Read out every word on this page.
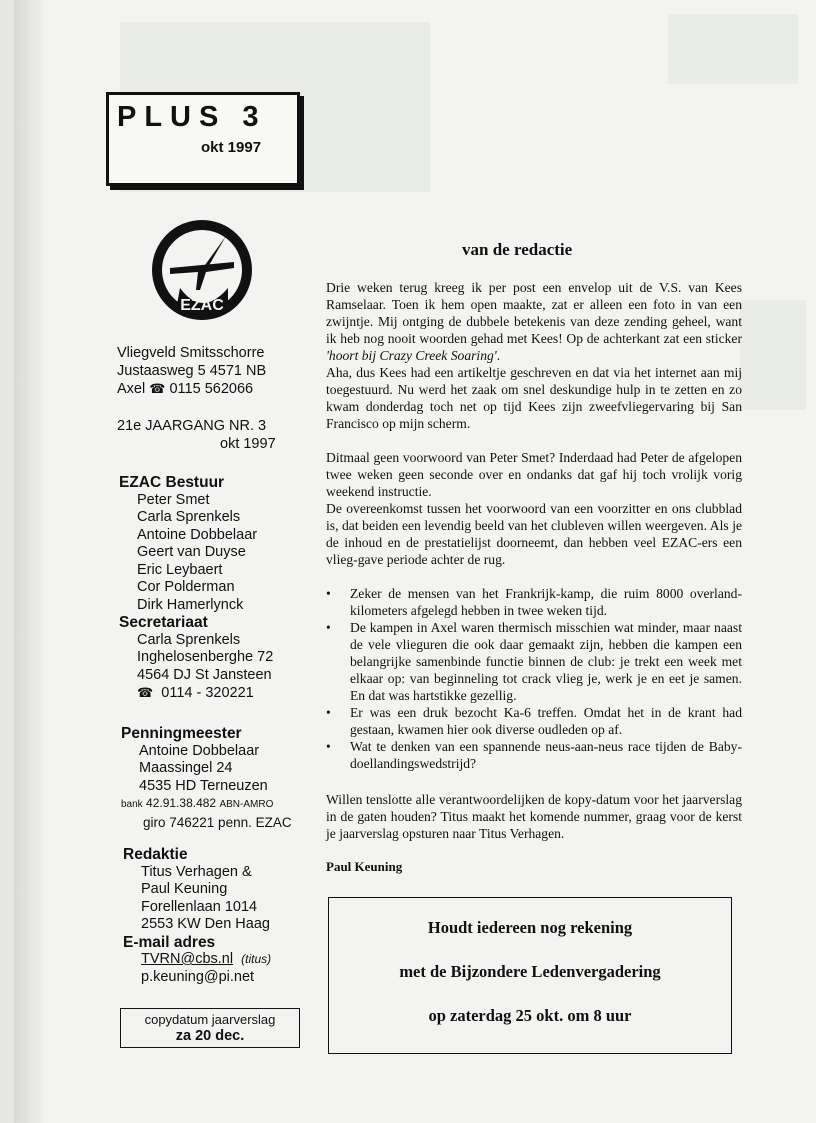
PLUS 3
okt 1997
EZAC
Vliegveld Smitsschorre
Justaasweg 5 4571 NB
Axel ☎ 0115 562066
21e JAARGANG NR. 3
okt 1997
EZAC Bestuur
Peter Smet
Carla Sprenkels
Antoine Dobbelaar
Geert van Duyse
Eric Leybaert
Cor Polderman
Dirk Hamerlynck
Secretariaat
Carla Sprenkels
Inghelosenberghe 72
4564 DJ St Jansteen
☎ 0114 - 320221
Penningmeester
Antoine Dobbelaar
Maassingel 24
4535 HD Terneuzen
bank 42.91.38.482 ABN-AMRO
giro 746221 penn. EZAC
Redaktie
Titus Verhagen &
Paul Keuning
Forellenlaan 1014
2553 KW Den Haag
E-mail adres
TVRN@cbs.nl (titus)
p.keuning@pi.net
copydatum jaarverslag
za 20 dec.
van de redactie
Drie weken terug kreeg ik per post een envelop uit de V.S. van Kees Ramselaar. Toen ik hem open maakte, zat er alleen een foto in van een zwijntje. Mij ontging de dubbele betekenis van deze zending geheel, want ik heb nog nooit woorden gehad met Kees! Op de achterkant zat een sticker 'hoort bij Crazy Creek Soaring'.
Aha, dus Kees had een artikeltje geschreven en dat via het internet aan mij toegestuurd. Nu werd het zaak om snel deskundige hulp in te zetten en zo kwam donderdag toch net op tijd Kees zijn zweefvliegervaring bij San Francisco op mijn scherm.
Ditmaal geen voorwoord van Peter Smet? Inderdaad had Peter de afgelopen twee weken geen seconde over en ondanks dat gaf hij toch vrolijk vorig weekend instructie.
De overeenkomst tussen het voorwoord van een voorzitter en ons clubblad is, dat beiden een levendig beeld van het clubleven willen weergeven. Als je de inhoud en de prestatielijst doorneemt, dan hebben veel EZAC-ers een vlieg-gave periode achter de rug.
• Zeker de mensen van het Frankrijk-kamp, die ruim 8000 overland-kilometers afgelegd hebben in twee weken tijd.
• De kampen in Axel waren thermisch misschien wat minder, maar naast de vele vlieguren die ook daar gemaakt zijn, hebben die kampen een belangrijke samenbinde functie binnen de club: je trekt een week met elkaar op: van beginneling tot crack vlieg je, werk je en eet je samen. En dat was hartstikke gezellig.
• Er was een druk bezocht Ka-6 treffen. Omdat het in de krant had gestaan, kwamen hier ook diverse oudleden op af.
• Wat te denken van een spannende neus-aan-neus race tijden de Baby-doellandingswedstrijd?
Willen tenslotte alle verantwoordelijken de kopy-datum voor het jaarverslag in de gaten houden? Titus maakt het komende nummer, graag voor de kerst je jaarverslag opsturen naar Titus Verhagen.
Paul Keuning
Houdt iedereen nog rekening
met de Bijzondere Ledenvergadering
op zaterdag 25 okt. om 8 uur
